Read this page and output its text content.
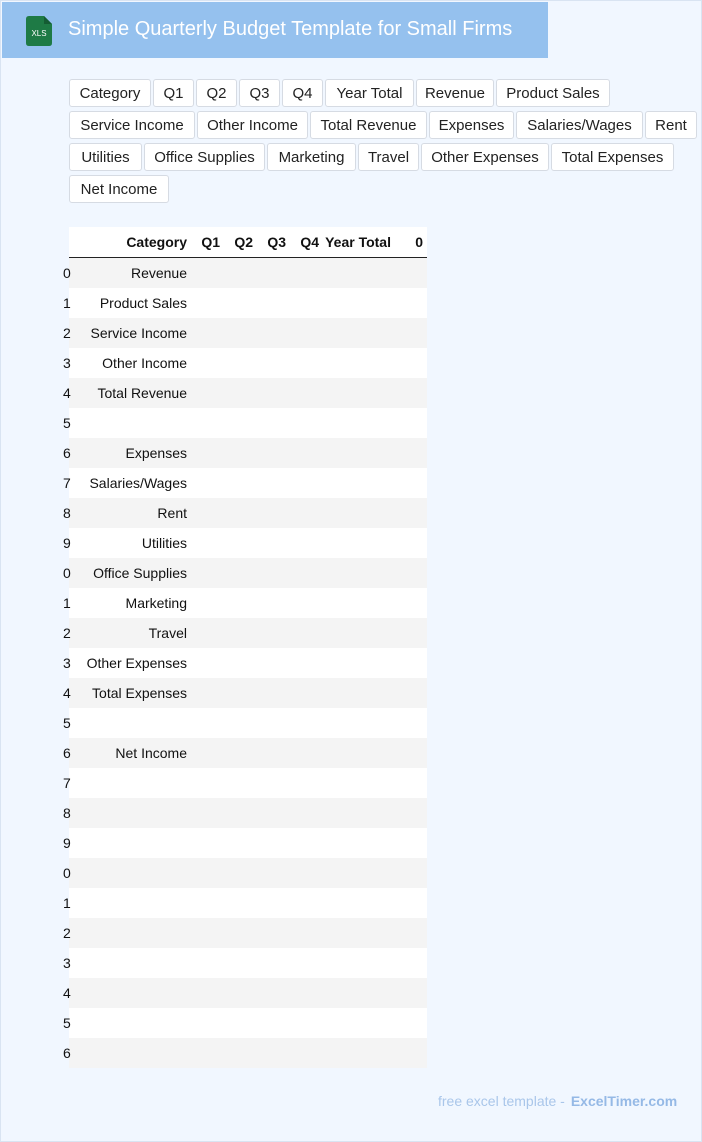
XLS Simple Quarterly Budget Template for Small Firms
Category	Q1	Q2	Q3	Q4	Year Total	Revenue	Product Sales
Service Income	Other Income	Total Revenue	Expenses	Salaries/Wages	Rent
Utilities	Office Supplies	Marketing	Travel	Other Expenses	Total Expenses
Net Income
	Category	Q1	Q2	Q3	Q4	Year Total	0
0	Revenue						
1	Product Sales						
2	Service Income						
3	Other Income						
4	Total Revenue						
5							
6	Expenses						
7	Salaries/Wages						
8	Rent						
9	Utilities						
0	Office Supplies						
1	Marketing						
2	Travel						
3	Other Expenses						
4	Total Expenses						
5							
6	Net Income						
7							
8							
9							
0							
1							
2							
3							
4							
5							
6							
free excel template - ExcelTimer.com
